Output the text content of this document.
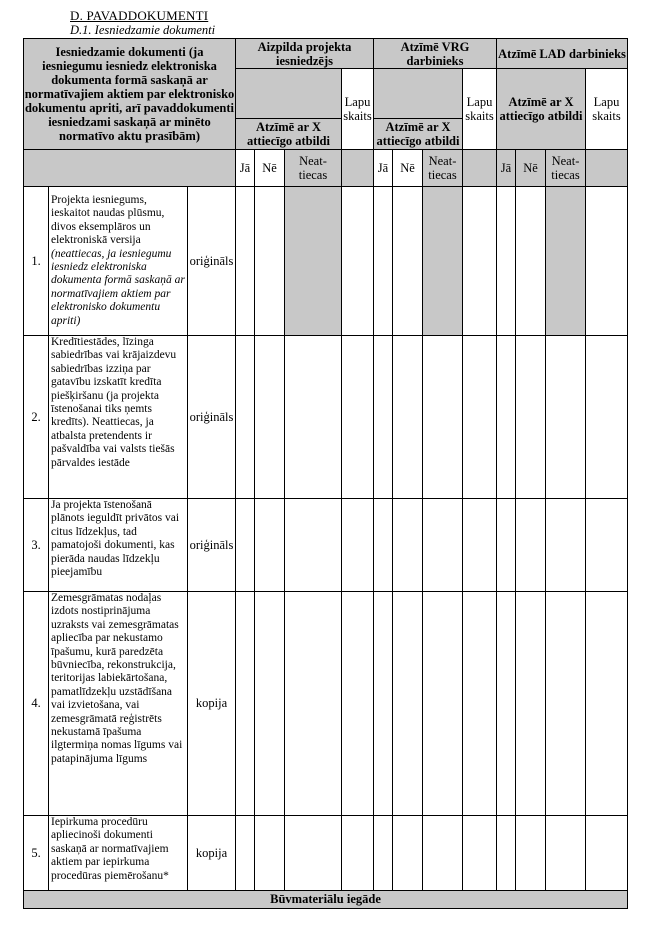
D. PAVADDOKUMENTI
D.1. Iesniedzamie dokumenti
Iesniedzamie dokumenti (ja iesniegumu iesniedz elektroniska dokumenta formā saskaņā ar normatīvajiem aktiem par elektronisko dokumentu apriti, arī pavaddokumenti iesniedzami saskaņā ar minēto normatīvo aktu prasībām)			Aizpilda projekta iesniedzējs				Atzīmē VRG darbinieks				Atzīmē LAD darbinieks			
						Lapu skaits				Lapu skaits	Atzīmē ar X attiecīgo atbildi			Lapu skaits
			Atzīmē ar X attiecīgo atbildi				Atzīmē ar X attiecīgo atbildi							
			Jā	Nē	Neat-tiecas		Jā	Nē	Neat-tiecas		Jā	Nē	Neat-tiecas	
1.	Projekta iesniegums, ieskaitot naudas plūsmu, divos eksemplāros un elektroniskā versija (neattiecas, ja iesniegumu iesniedz elektroniska dokumenta formā saskaņā ar normatīvajiem aktiem par elektronisko dokumentu apriti)	oriģināls												
2.	Kredītiestādes, līzinga sabiedrības vai krājaizdevu sabiedrības izziņa par gatavību izskatīt kredīta piešķiršanu (ja projekta īstenošanai tiks ņemts kredīts). Neattiecas, ja atbalsta pretendents ir pašvaldība vai valsts tiešās pārvaldes iestāde	oriģināls												
3.	Ja projekta īstenošanā plānots ieguldīt privātos vai citus līdzekļus, tad pamatojoši dokumenti, kas pierāda naudas līdzekļu pieejamību	oriģināls												
4.	Zemesgrāmatas nodaļas izdots nostiprinājuma uzraksts vai zemesgrāmatas apliecība par nekustamo īpašumu, kurā paredzēta būvniecība, rekonstrukcija, teritorijas labiekārtošana, pamatlīdzekļu uzstādīšana vai izvietošana, vai zemesgrāmatā reģistrēts nekustamā īpašuma ilgtermiņa nomas līgums vai patapinājuma līgums	kopija												
5.	Iepirkuma procedūru apliecinoši dokumenti saskaņā ar normatīvajiem aktiem par iepirkuma procedūras piemērošanu*	kopija												
Būvmateriālu iegāde														
